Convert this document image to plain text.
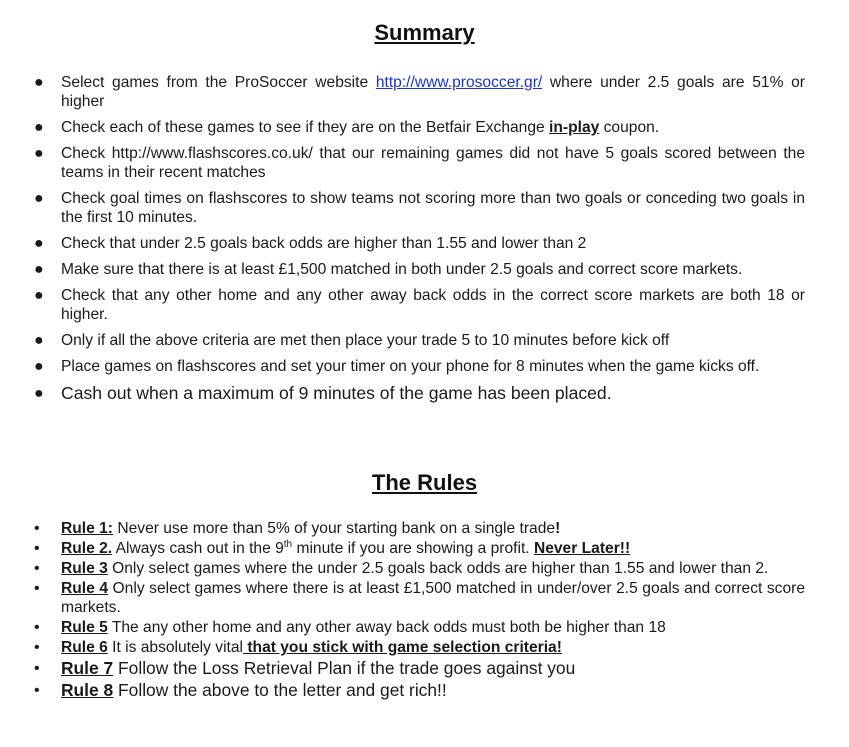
Summary
● Select games from the ProSoccer website http://www.prosoccer.gr/ where under 2.5 goals are 51% or higher
● Check each of these games to see if they are on the Betfair Exchange in-play coupon.
● Check http://www.flashscores.co.uk/ that our remaining games did not have 5 goals scored between the teams in their recent matches
● Check goal times on flashscores to show teams not scoring more than two goals or conceding two goals in the first 10 minutes.
● Check that under 2.5 goals back odds are higher than 1.55 and lower than 2
● Make sure that there is at least £1,500 matched in both under 2.5 goals and correct score markets.
● Check that any other home and any other away back odds in the correct score markets are both 18 or higher.
● Only if all the above criteria are met then place your trade 5 to 10 minutes before kick off
● Place games on flashscores and set your timer on your phone for 8 minutes when the game kicks off.
● Cash out when a maximum of 9 minutes of the game has been placed.
The Rules
• Rule 1: Never use more than 5% of your starting bank on a single trade!
• Rule 2. Always cash out in the 9th minute if you are showing a profit. Never Later!!
• Rule 3 Only select games where the under 2.5 goals back odds are higher than 1.55 and lower than 2.
• Rule 4 Only select games where there is at least £1,500 matched in under/over 2.5 goals and correct score markets.
• Rule 5 The any other home and any other away back odds must both be higher than 18
• Rule 6 It is absolutely vital that you stick with game selection criteria!
• Rule 7 Follow the Loss Retrieval Plan if the trade goes against you
• Rule 8 Follow the above to the letter and get rich!!
